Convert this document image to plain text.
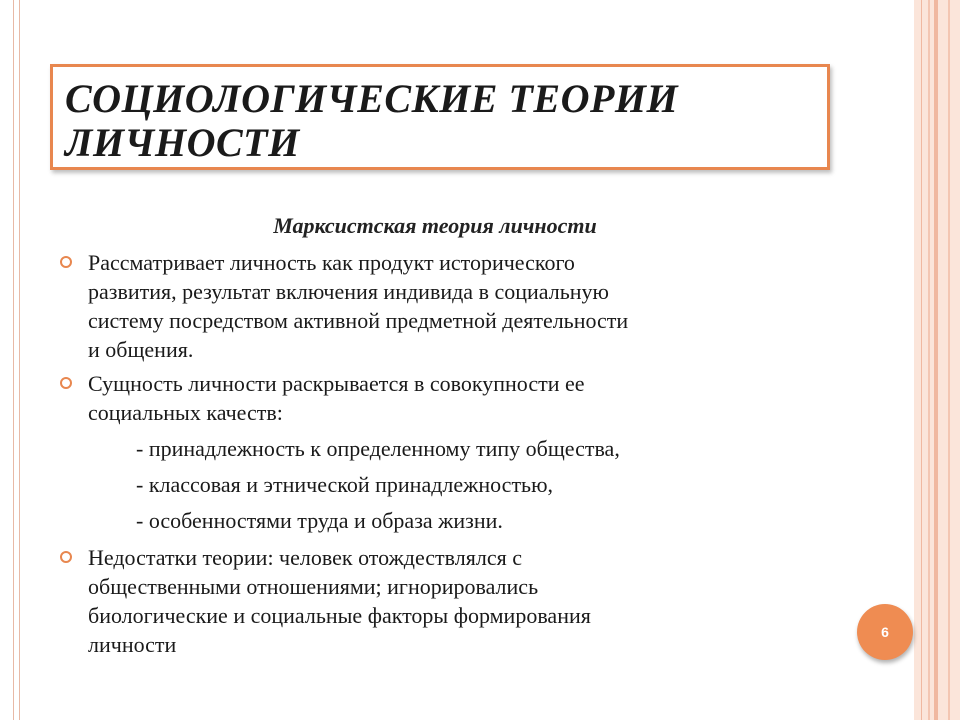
СОЦИОЛОГИЧЕСКИЕ ТЕОРИИ
ЛИЧНОСТИ

Марксистская теория личности

Рассматривает личность как продукт исторического
развития, результат включения индивида в социальную
систему посредством активной предметной деятельности
и общения.
Сущность личности раскрывается в совокупности ее
социальных качеств:
- принадлежность к определенному типу общества,
- классовая и этнической принадлежностью,
- особенностями труда и образа жизни.
Недостатки теории: человек отождествлялся с
общественными отношениями; игнорировались
биологические и социальные факторы формирования
личности	6
